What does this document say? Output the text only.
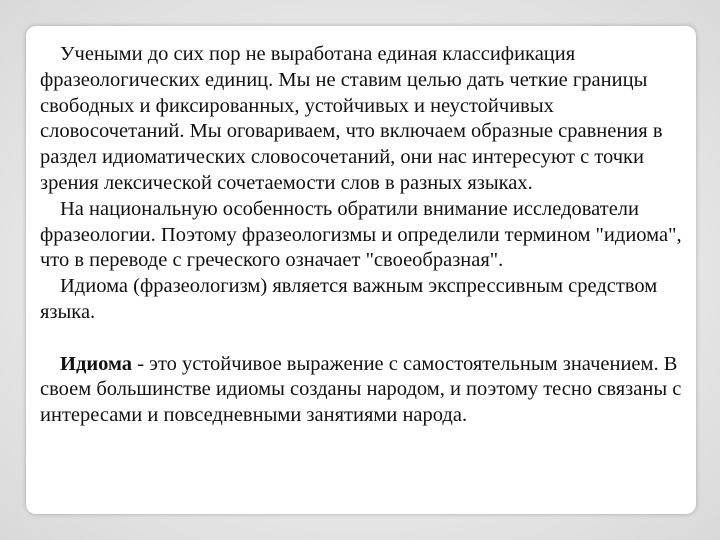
Учеными до сих пор не выработана единая классификация фразеологических единиц. Мы не ставим целью дать четкие границы свободных и фиксированных, устойчивых и неустойчивых словосочетаний. Мы оговариваем, что включаем образные сравнения в раздел идиоматических словосочетаний, они нас интересуют с точки зрения лексической сочетаемости слов в разных языках.

На национальную особенность обратили внимание исследователи фразеологии. Поэтому фразеологизмы и определили термином "идиома", что в переводе с греческого означает "своеобразная".

Идиома (фразеологизм) является важным экспрессивным средством языка.

Идиома - это устойчивое выражение с самостоятельным значением. В своем большинстве идиомы созданы народом, и поэтому тесно связаны с интересами и повседневными занятиями народа.
